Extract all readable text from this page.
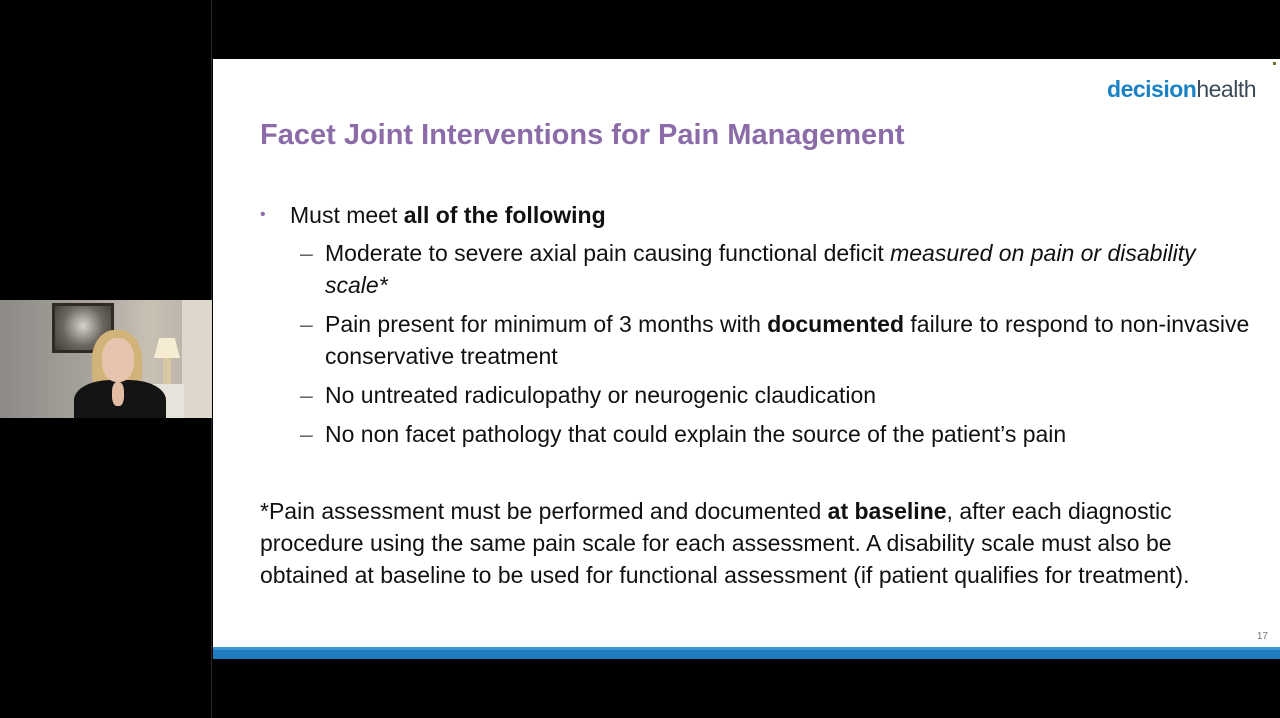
decisionhealth
Facet Joint Interventions for Pain Management
• Must meet all of the following
– Moderate to severe axial pain causing functional deficit measured on pain or disability scale*
– Pain present for minimum of 3 months with documented failure to respond to non-invasive conservative treatment
– No untreated radiculopathy or neurogenic claudication
– No non facet pathology that could explain the source of the patient’s pain
*Pain assessment must be performed and documented at baseline, after each diagnostic procedure using the same pain scale for each assessment. A disability scale must also be obtained at baseline to be used for functional assessment (if patient qualifies for treatment).
17
